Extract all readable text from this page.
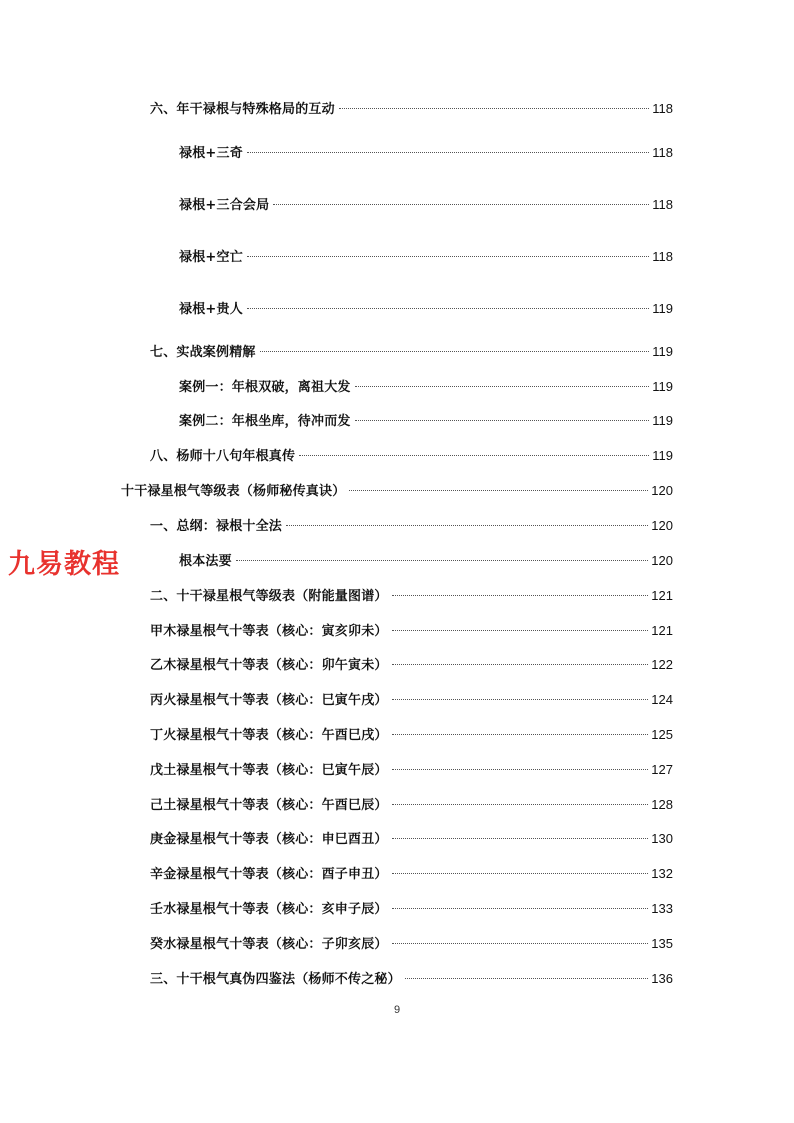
六、年干禄根与特殊格局的互动	118
禄根+三奇	118
禄根+三合会局	118
禄根+空亡	118
禄根+贵人	119
七、实战案例精解	119
案例一：年根双破，离祖大发	119
案例二：年根坐库，待冲而发	119
八、杨师十八句年根真传	119
十干禄星根气等级表（杨师秘传真诀）	120
一、总纲：禄根十全法	120
根本法要	120
二、十干禄星根气等级表（附能量图谱）	121
甲木禄星根气十等表（核心：寅亥卯未）	121
乙木禄星根气十等表（核心：卯午寅未）	122
丙火禄星根气十等表（核心：巳寅午戌）	124
丁火禄星根气十等表（核心：午酉巳戌）	125
戊土禄星根气十等表（核心：巳寅午辰）	127
己土禄星根气十等表（核心：午酉巳辰）	128
庚金禄星根气十等表（核心：申巳酉丑）	130
辛金禄星根气十等表（核心：酉子申丑）	132
壬水禄星根气十等表（核心：亥申子辰）	133
癸水禄星根气十等表（核心：子卯亥辰）	135
三、十干根气真伪四鉴法（杨师不传之秘）	136
九易教程
9
